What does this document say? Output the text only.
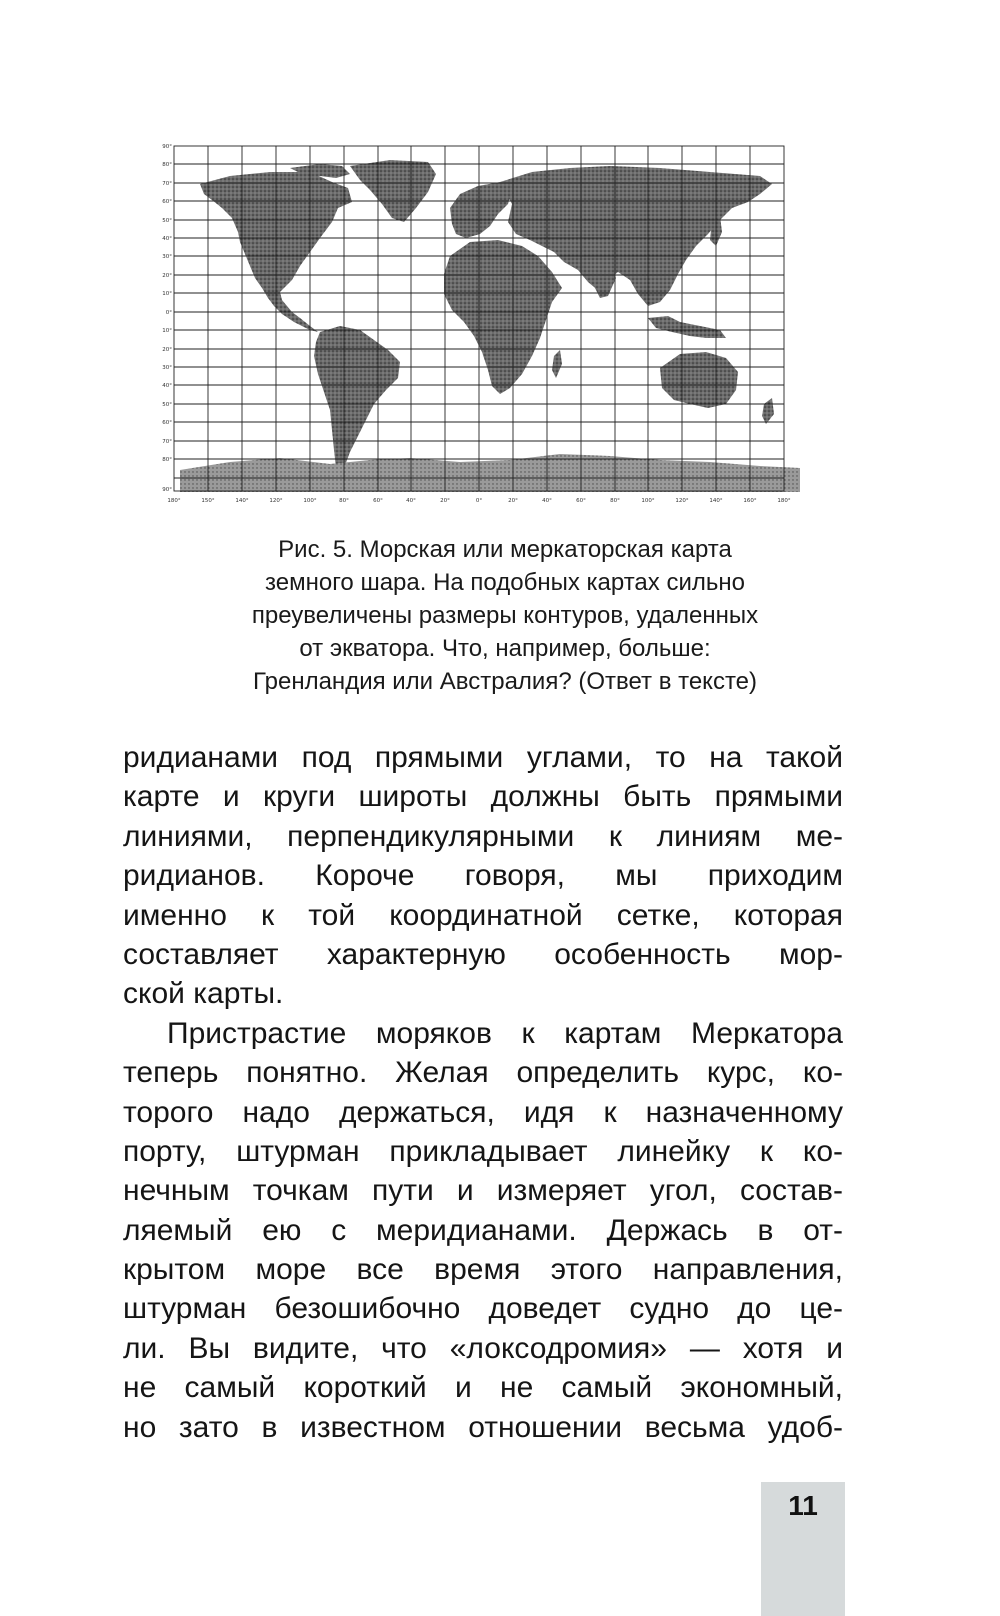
90°
80°
70°
60°
50°
40°
30°
20°
10°
0°
10°
20°
30°
40°
50°
60°
70°
80°
90°
180°	150°	140°	120°	100°	80°	60°	40°	20°	0°	20°	40°	60°	80°	100°	120°	140°	160°	180°
Рис. 5. Морская или меркаторская карта
земного шара. На подобных картах сильно
преувеличены размеры контуров, удаленных
от экватора. Что, например, больше:
Гренландия или Австралия? (Ответ в тексте)
ридианами под прямыми углами, то на такой
карте и круги широты должны быть прямыми
линиями, перпендикулярными к линиям ме-
ридианов. Короче говоря, мы приходим
именно к той координатной сетке, которая
составляет характерную особенность мор-
ской карты.
Пристрастие моряков к картам Меркатора
теперь понятно. Желая определить курс, ко-
торого надо держаться, идя к назначенному
порту, штурман прикладывает линейку к ко-
нечным точкам пути и измеряет угол, состав-
ляемый ею с меридианами. Держась в от-
крытом море все время этого направления,
штурман безошибочно доведет судно до це-
ли. Вы видите, что «локсодромия» — хотя и
не самый короткий и не самый экономный,
но зато в известном отношении весьма удоб-
11
